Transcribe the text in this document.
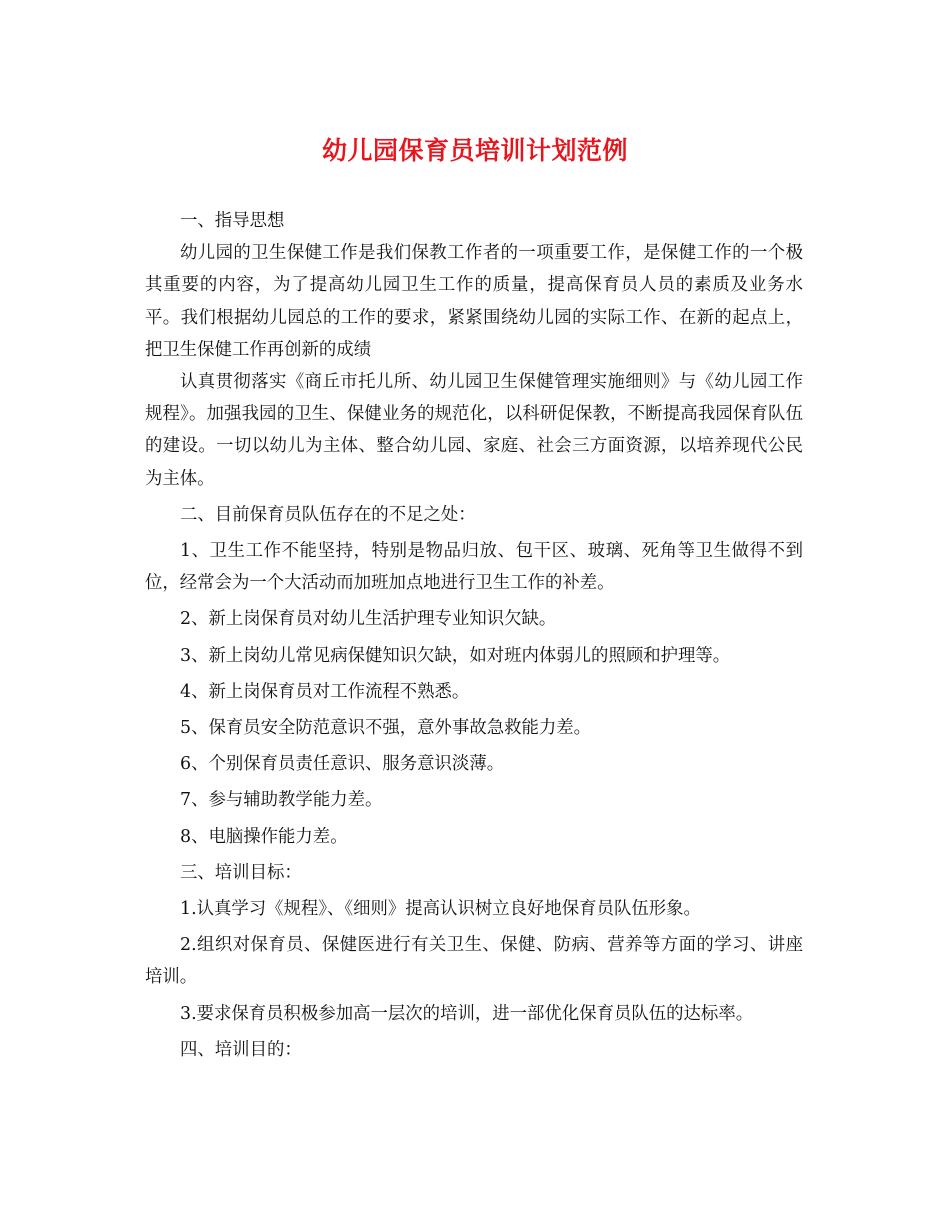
幼儿园保育员培训计划范例

一、指导思想

幼儿园的卫生保健工作是我们保教工作者的一项重要工作，是保健工作的一个极其重要的内容，为了提高幼儿园卫生工作的质量，提高保育员人员的素质及业务水平。我们根据幼儿园总的工作的要求，紧紧围绕幼儿园的实际工作、在新的起点上，把卫生保健工作再创新的成绩

认真贯彻落实《商丘市托儿所、幼儿园卫生保健管理实施细则》与《幼儿园工作规程》。加强我园的卫生、保健业务的规范化，以科研促保教，不断提高我园保育队伍的建设。一切以幼儿为主体、整合幼儿园、家庭、社会三方面资源，以培养现代公民为主体。

二、目前保育员队伍存在的不足之处：

1、卫生工作不能坚持，特别是物品归放、包干区、玻璃、死角等卫生做得不到位，经常会为一个大活动而加班加点地进行卫生工作的补差。

2、新上岗保育员对幼儿生活护理专业知识欠缺。

3、新上岗幼儿常见病保健知识欠缺，如对班内体弱儿的照顾和护理等。

4、新上岗保育员对工作流程不熟悉。

5、保育员安全防范意识不强，意外事故急救能力差。

6、个别保育员责任意识、服务意识淡薄。

7、参与辅助教学能力差。

8、电脑操作能力差。

三、培训目标：

1.认真学习《规程》、《细则》提高认识树立良好地保育员队伍形象。

2.组织对保育员、保健医进行有关卫生、保健、防病、营养等方面的学习、讲座培训。

3.要求保育员积极参加高一层次的培训，进一部优化保育员队伍的达标率。

四、培训目的：
